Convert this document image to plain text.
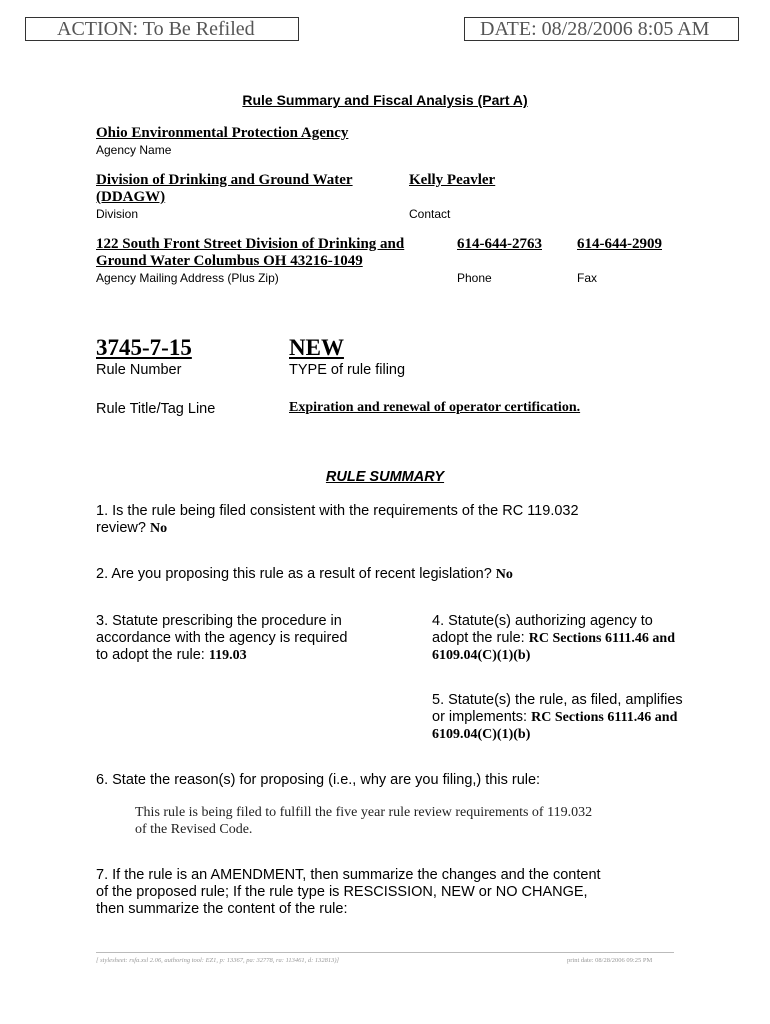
ACTION: To Be Refiled	DATE: 08/28/2006 8:05 AM
Rule Summary and Fiscal Analysis (Part A)
Ohio Environmental Protection Agency
Agency Name
Division of Drinking and Ground Water
(DDAGW)
Division
Kelly Peavler
Contact
122 South Front Street Division of Drinking and
Ground Water Columbus OH 43216-1049
Agency Mailing Address (Plus Zip)
614-644-2763
Phone
614-644-2909
Fax
3745-7-15
Rule Number
NEW
TYPE of rule filing
Rule Title/Tag Line	Expiration and renewal of operator certification.
RULE SUMMARY
1. Is the rule being filed consistent with the requirements of the RC 119.032
review? No
2. Are you proposing this rule as a result of recent legislation? No
3. Statute prescribing the procedure in
accordance with the agency is required
to adopt the rule: 119.03
4. Statute(s) authorizing agency to
adopt the rule: RC Sections 6111.46 and
6109.04(C)(1)(b)
5. Statute(s) the rule, as filed, amplifies
or implements: RC Sections 6111.46 and
6109.04(C)(1)(b)
6. State the reason(s) for proposing (i.e., why are you filing,) this rule:
This rule is being filed to fulfill the five year rule review requirements of 119.032
of the Revised Code.
7. If the rule is an AMENDMENT, then summarize the changes and the content
of the proposed rule; If the rule type is RESCISSION, NEW or NO CHANGE,
then summarize the content of the rule:
[ stylesheet: rsfa.xsl 2.06, authoring tool: EZ1, p: 13367, pa: 32778, ra: 113461, d: 132813)]	print date: 08/28/2006 09:25 PM
